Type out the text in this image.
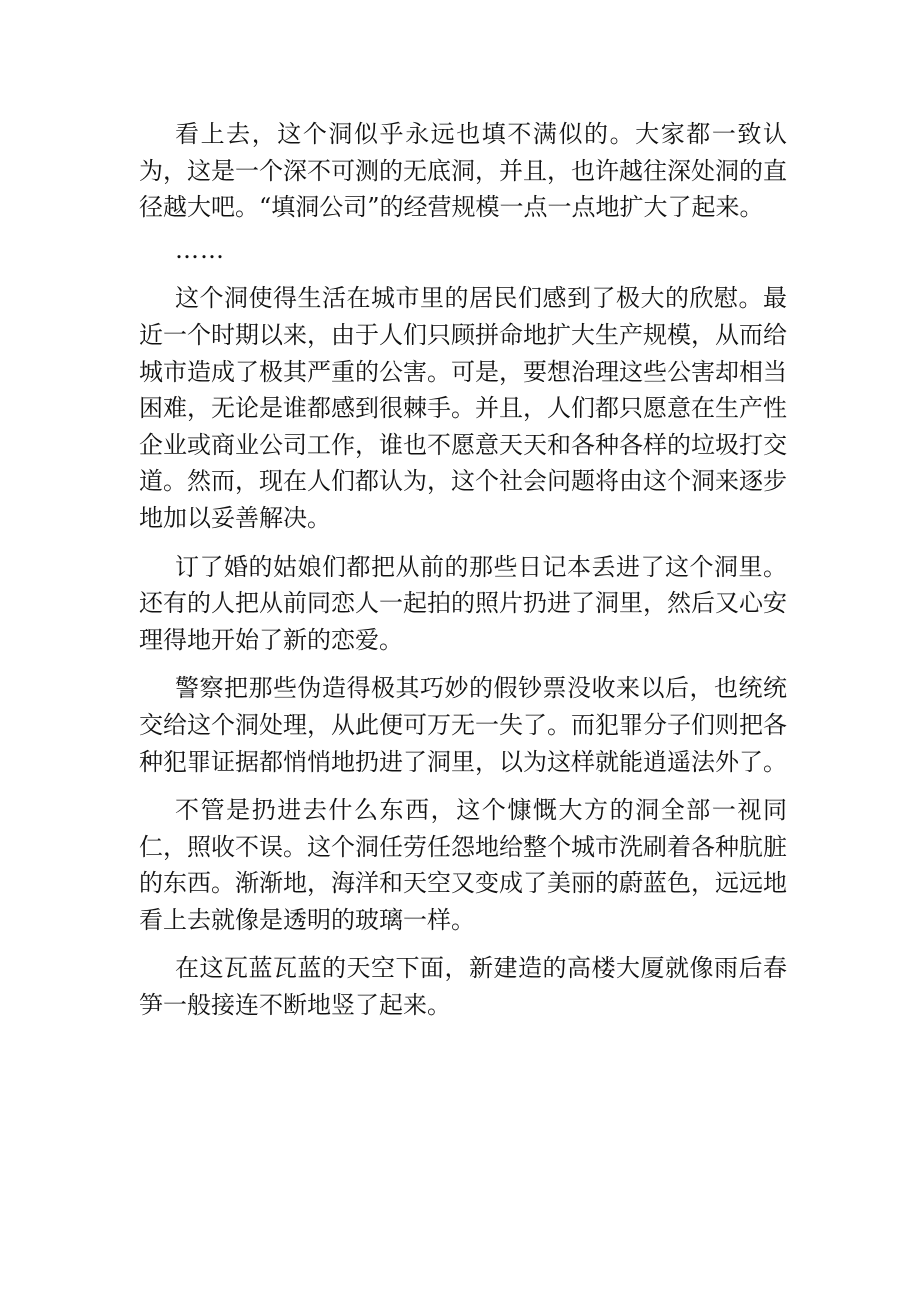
看上去，这个洞似乎永远也填不满似的。大家都一致认为，这是一个深不可测的无底洞，并且，也许越往深处洞的直径越大吧。“填洞公司”的经营规模一点一点地扩大了起来。

……

这个洞使得生活在城市里的居民们感到了极大的欣慰。最近一个时期以来，由于人们只顾拼命地扩大生产规模，从而给城市造成了极其严重的公害。可是，要想治理这些公害却相当困难，无论是谁都感到很棘手。并且，人们都只愿意在生产性企业或商业公司工作，谁也不愿意天天和各种各样的垃圾打交道。然而，现在人们都认为，这个社会问题将由这个洞来逐步地加以妥善解决。

订了婚的姑娘们都把从前的那些日记本丢进了这个洞里。还有的人把从前同恋人一起拍的照片扔进了洞里，然后又心安理得地开始了新的恋爱。

警察把那些伪造得极其巧妙的假钞票没收来以后，也统统交给这个洞处理，从此便可万无一失了。而犯罪分子们则把各种犯罪证据都悄悄地扔进了洞里，以为这样就能逍遥法外了。

不管是扔进去什么东西，这个慷慨大方的洞全部一视同仁，照收不误。这个洞任劳任怨地给整个城市洗刷着各种肮脏的东西。渐渐地，海洋和天空又变成了美丽的蔚蓝色，远远地看上去就像是透明的玻璃一样。

在这瓦蓝瓦蓝的天空下面，新建造的高楼大厦就像雨后春笋一般接连不断地竖了起来。
